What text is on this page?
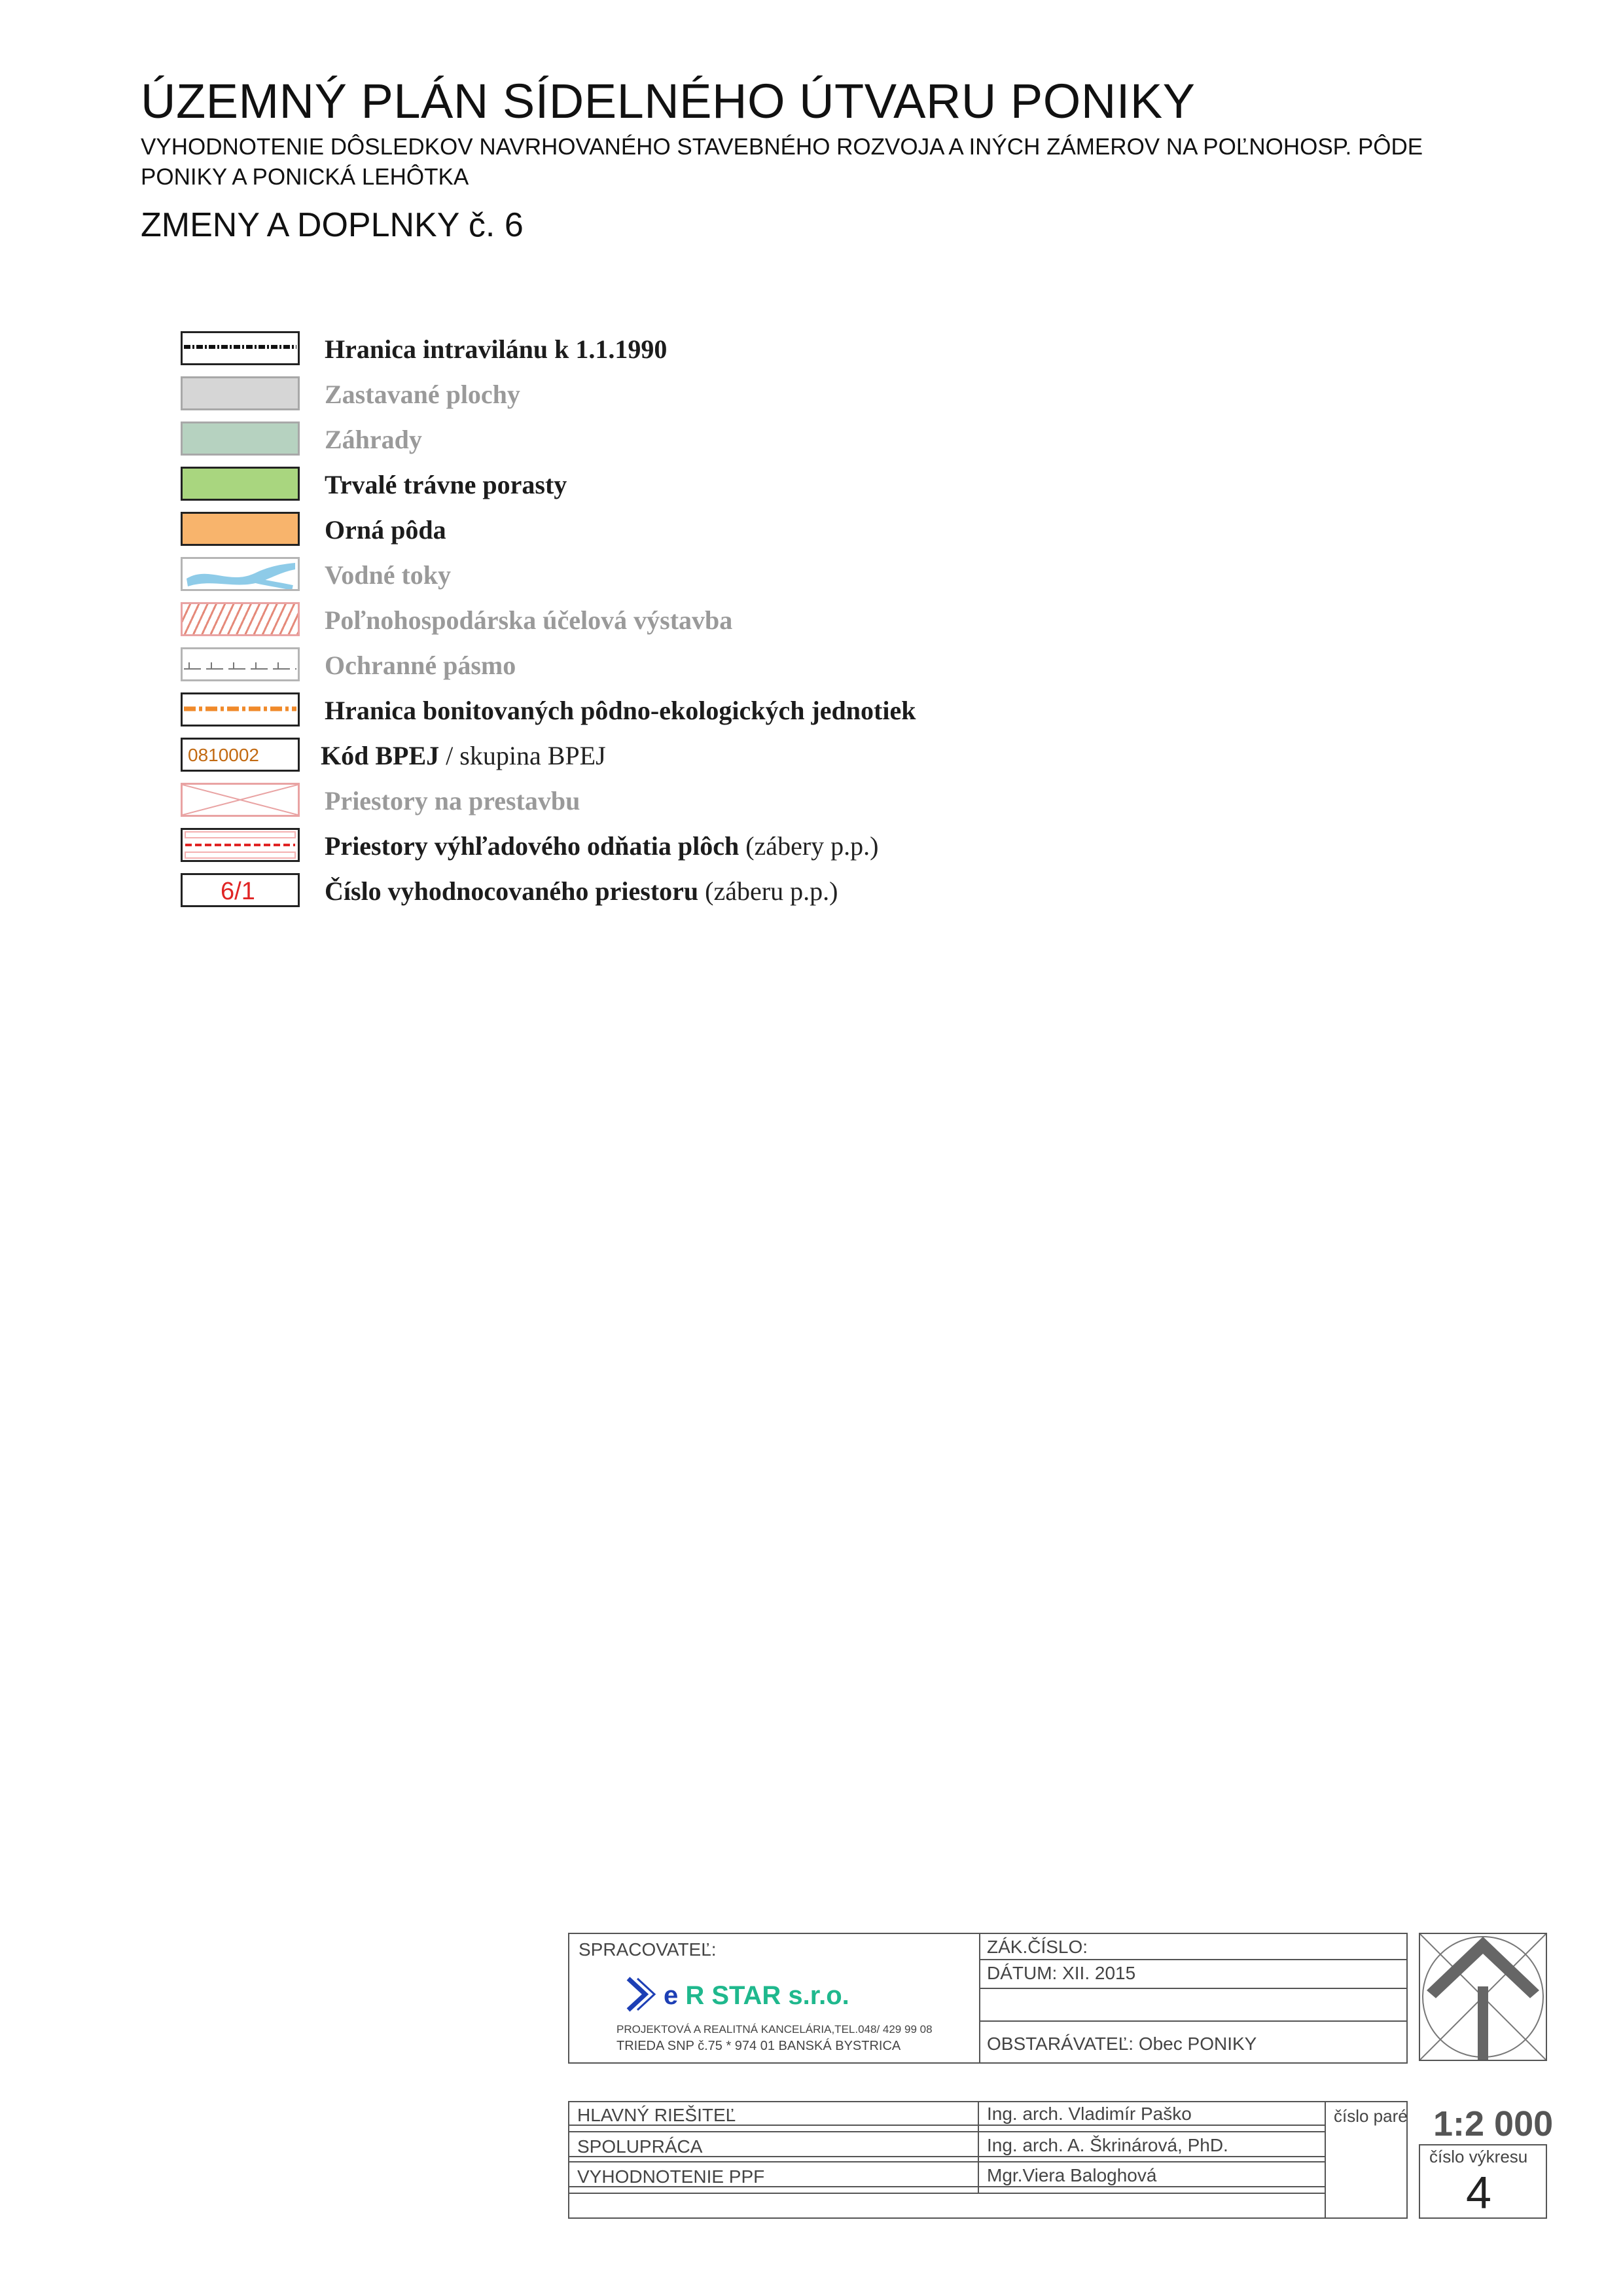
ÚZEMNÝ PLÁN SÍDELNÉHO ÚTVARU PONIKY
VYHODNOTENIE DÔSLEDKOV NAVRHOVANÉHO STAVEBNÉHO ROZVOJA A INÝCH ZÁMEROV NA POĽNOHOSP. PÔDE
PONIKY A PONICKÁ LEHÔTKA
ZMENY A DOPLNKY č. 6
Hranica intravilánu k 1.1.1990
Zastavané plochy
Záhrady
Trvalé trávne porasty
Orná pôda
Vodné toky
Poľnohospodárska účelová výstavba
Ochranné pásmo
Hranica bonitovaných pôdno-ekologických jednotiek
0810002 Kód BPEJ / skupina BPEJ
Priestory na prestavbu
Priestory výhľadového odňatia plôch (zábery p.p.)
6/1	Číslo vyhodnocovaného priestoru (záberu p.p.)
SPRACOVATEĽ:
e R STAR s.r.o.
PROJEKTOVÁ A REALITNÁ KANCELÁRIA,TEL.048/ 429 99 08
TRIEDA SNP č.75 * 974 01 BANSKÁ BYSTRICA
ZÁK.ČÍSLO:
DÁTUM: XII. 2015
OBSTARÁVATEĽ: Obec PONIKY
HLAVNÝ RIEŠITEĽ	Ing. arch. Vladimír Paško
SPOLUPRÁCA	Ing. arch. A. Škrinárová, PhD.
VYHODNOTENIE PPF	Mgr.Viera Baloghová
číslo paré 1:2 000
číslo výkresu
4
